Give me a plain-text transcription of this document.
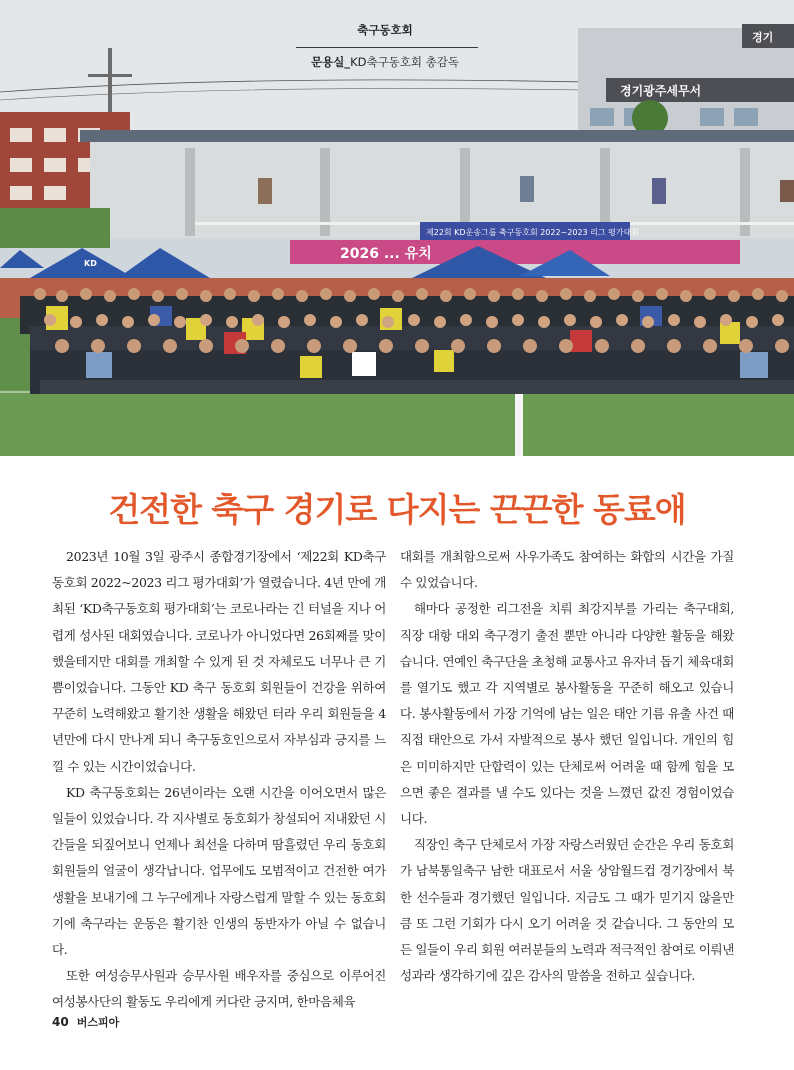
경기광주세무서
경기
제22회 KD운송그룹 축구동호회 2022~2023 리그 평가대회
2026 ... 유치
KD
축구동호회
문용실_KD축구동호회 총감독
건전한 축구 경기로 다지는 끈끈한 동료애

2023년 10월 3일 광주시 종합경기장에서 ‘제22회 KD축구동호회 2022~2023 리그 평가대회’가 열렸습니다. 4년 만에 개최된 ‘KD축구동호회 평가대회’는 코로나라는 긴 터널을 지나 어렵게 성사된 대회였습니다. 코로나가 아니었다면 26회째를 맞이했을테지만 대회를 개최할 수 있게 된 것 자체로도 너무나 큰 기쁨이었습니다. 그동안 KD 축구 동호회 회원들이 건강을 위하여 꾸준히 노력해왔고 활기찬 생활을 해왔던 터라 우리 회원들을 4년만에 다시 만나게 되니 축구동호인으로서 자부심과 긍지를 느낄 수 있는 시간이었습니다.

KD 축구동호회는 26년이라는 오랜 시간을 이어오면서 많은 일들이 있었습니다. 각 지사별로 동호회가 창설되어 지내왔던 시간들을 되짚어보니 언제나 최선을 다하며 땀흘렸던 우리 동호회 회원들의 얼굴이 생각납니다. 업무에도 모범적이고 건전한 여가생활을 보내기에 그 누구에게나 자랑스럽게 말할 수 있는 동호회기에 축구라는 운동은 활기찬 인생의 동반자가 아닐 수 없습니다.

또한 여성승무사원과 승무사원 배우자를 중심으로 이루어진 여성봉사단의 활동도 우리에게 커다란 긍지며, 한마음체육

대회를 개최함으로써 사우가족도 참여하는 화합의 시간을 가질 수 있었습니다.

해마다 공정한 리그전을 치뤄 최강지부를 가리는 축구대회, 직장 대항 대외 축구경기 출전 뿐만 아니라 다양한 활동을 해왔습니다. 연예인 축구단을 초청해 교통사고 유자녀 돕기 체육대회를 열기도 했고 각 지역별로 봉사활동을 꾸준히 해오고 있습니다. 봉사활동에서 가장 기억에 남는 일은 태안 기름 유출 사건 때 직접 태안으로 가서 자발적으로 봉사 했던 일입니다. 개인의 힘은 미미하지만 단합력이 있는 단체로써 어려울 때 함께 힘을 모으면 좋은 결과를 낼 수도 있다는 것을 느꼈던 값진 경험이었습니다.

직장인 축구 단체로서 가장 자랑스러웠던 순간은 우리 동호회가 남북통일축구 남한 대표로서 서울 상암월드컵 경기장에서 북한 선수들과 경기했던 일입니다. 지금도 그 때가 믿기지 않을만큼 또 그런 기회가 다시 오기 어려울 것 같습니다. 그 동안의 모든 일들이 우리 회원 여러분들의 노력과 적극적인 참여로 이뤄낸 성과라 생각하기에 깊은 감사의 말씀을 전하고 싶습니다.

40 버스피아
